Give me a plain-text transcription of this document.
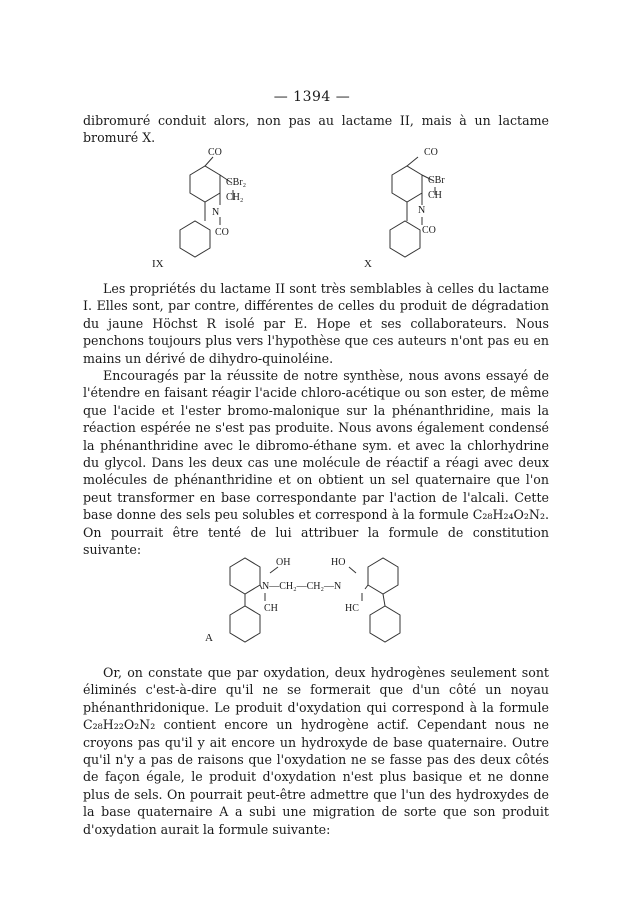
— 1394 —

dibromuré conduit alors, non pas au lactame II, mais à un lactame bromuré X.

CO
CBr₂
CH₂
N
CO
IX
CO
CBr
CH
N
CO
X

Les propriétés du lactame II sont très semblables à celles du lactame I. Elles sont, par contre, différentes de celles du produit de dégradation du jaune Höchst R isolé par E. Hope et ses collaborateurs. Nous penchons toujours plus vers l'hypothèse que ces auteurs n'ont pas eu en mains un dérivé de dihydro-quinoléine.

Encouragés par la réussite de notre synthèse, nous avons essayé de l'étendre en faisant réagir l'acide chloro-acétique ou son ester, de même que l'acide et l'ester bromo-malonique sur la phénanthridine, mais la réaction espérée ne s'est pas produite. Nous avons également condensé la phénanthridine avec le dibromo-éthane sym. et avec la chlorhydrine du glycol. Dans les deux cas une molécule de réactif a réagi avec deux molécules de phénanthridine et on obtient un sel quaternaire que l'on peut transformer en base correspondante par l'action de l'alcali. Cette base donne des sels peu solubles et correspond à la formule C₂₈H₂₄O₂N₂. On pourrait être tenté de lui attribuer la formule de constitution suivante:

OH	HO
N—CH₂—CH₂—N
CH	HC
A

Or, on constate que par oxydation, deux hydrogènes seulement sont éliminés c'est-à-dire qu'il ne se formerait que d'un côté un noyau phénanthridonique. Le produit d'oxydation qui correspond à la formule C₂₈H₂₂O₂N₂ contient encore un hydrogène actif. Cependant nous ne croyons pas qu'il y ait encore un hydroxyde de base quaternaire. Outre qu'il n'y a pas de raisons que l'oxydation ne se fasse pas des deux côtés de façon égale, le produit d'oxydation n'est plus basique et ne donne plus de sels. On pourrait peut-être admettre que l'un des hydroxydes de la base quaternaire A a subi une migration de sorte que son produit d'oxydation aurait la formule suivante:
